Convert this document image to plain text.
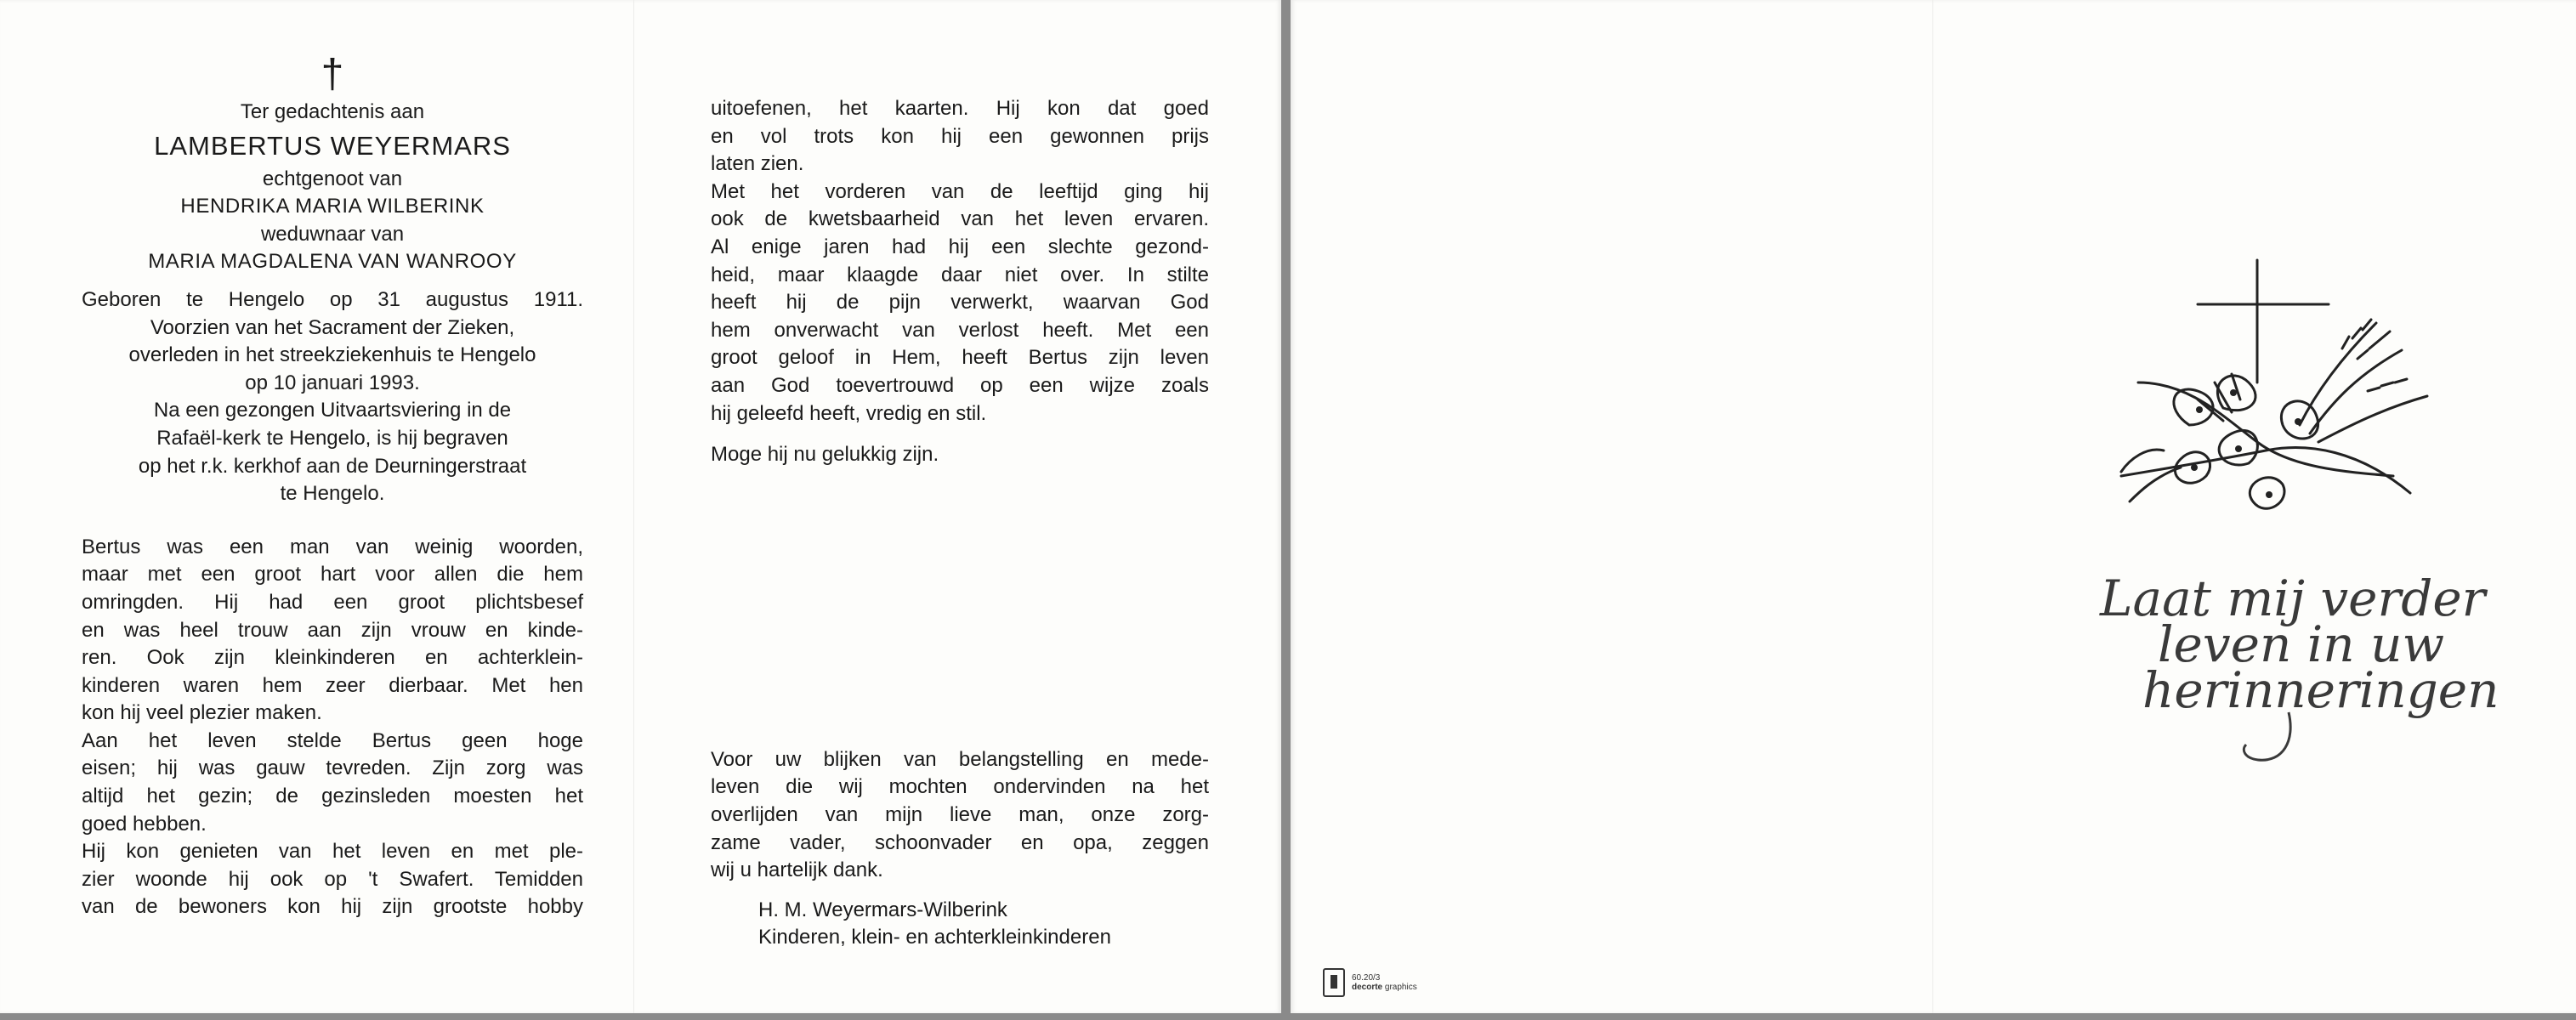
†

Ter gedachtenis aan

LAMBERTUS WEYERMARS

echtgenoot van

HENDRIKA MARIA WILBERINK

weduwnaar van

MARIA MAGDALENA VAN WANROOY

Geboren te Hengelo op 31 augustus 1911.

Voorzien van het Sacrament der Zieken,

overleden in het streekziekenhuis te Hengelo

op 10 januari 1993.

Na een gezongen Uitvaartsviering in de

Rafaël-kerk te Hengelo, is hij begraven

op het r.k. kerkhof aan de Deurningerstraat

te Hengelo.

Bertus was een man van weinig woorden,

maar met een groot hart voor allen die hem

omringden. Hij had een groot plichtsbesef

en was heel trouw aan zijn vrouw en kinde-

ren. Ook zijn kleinkinderen en achterklein-

kinderen waren hem zeer dierbaar. Met hen

kon hij veel plezier maken.

Aan het leven stelde Bertus geen hoge

eisen; hij was gauw tevreden. Zijn zorg was

altijd het gezin; de gezinsleden moesten het

goed hebben.

Hij kon genieten van het leven en met ple-

zier woonde hij ook op 't Swafert. Temidden

van de bewoners kon hij zijn grootste hobby

uitoefenen, het kaarten. Hij kon dat goed

en vol trots kon hij een gewonnen prijs

laten zien.

Met het vorderen van de leeftijd ging hij

ook de kwetsbaarheid van het leven ervaren.

Al enige jaren had hij een slechte gezond-

heid, maar klaagde daar niet over. In stilte

heeft hij de pijn verwerkt, waarvan God

hem onverwacht van verlost heeft. Met een

groot geloof in Hem, heeft Bertus zijn leven

aan God toevertrouwd op een wijze zoals

hij geleefd heeft, vredig en stil.

Moge hij nu gelukkig zijn.

Voor uw blijken van belangstelling en mede-

leven die wij mochten ondervinden na het

overlijden van mijn lieve man, onze zorg-

zame vader, schoonvader en opa, zeggen

wij u hartelijk dank.

H. M. Weyermars-Wilberink

Kinderen, klein- en achterkleinkinderen

Laat mij verder
leven in uw
herinneringen
60.20/3
decorte graphics
